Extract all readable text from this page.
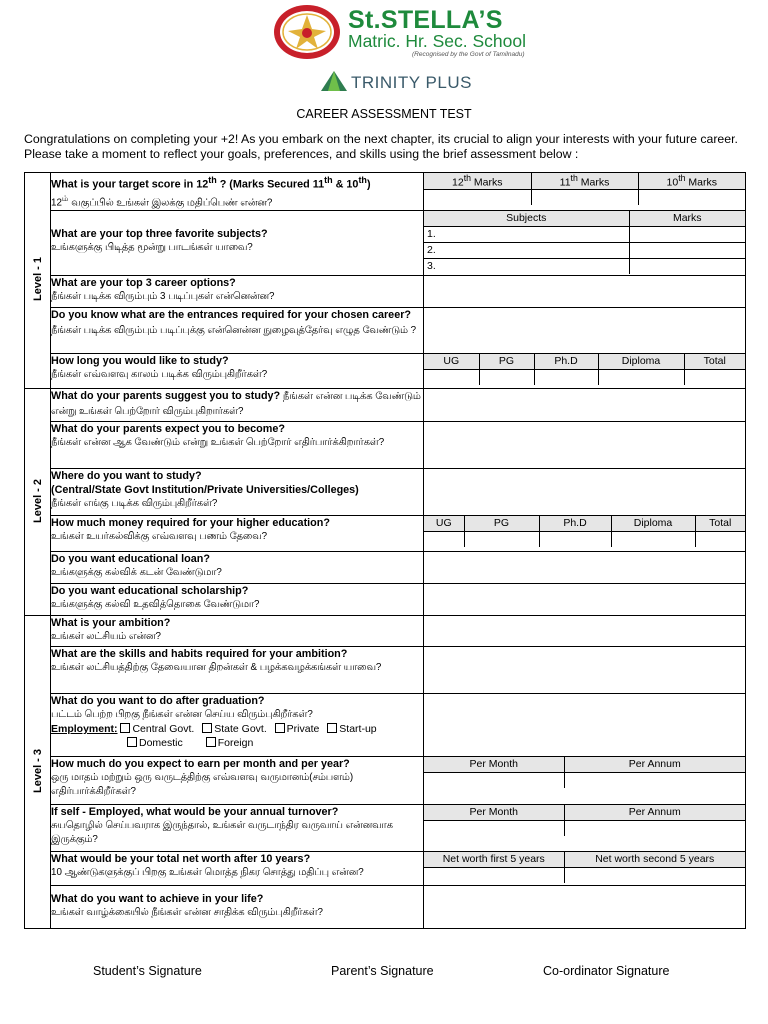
St.STELLA’S
Matric. Hr. Sec. School
(Recognised by the Govt of Tamilnadu)
TRINITY PLUS
CAREER ASSESSMENT TEST
Congratulations on completing your +2! As you embark on the next chapter, its crucial to align your interests with your future career. Please take a moment to reflect your goals, preferences, and skills using the brief assessment below :
Level - 1

What is your target score in 12th ? (Marks Secured 11th & 10th)
$12^{ம்}$ வகுப்பில் உங்கள் இலக்கு மதிப்பெண் என்ன?

12th Marks	11th Marks	10th Marks

What are your top three favorite subjects?
உங்களுக்கு பிடித்த மூன்று பாடங்கள் யாவை?

Subjects	Marks
1.	
2.	
3.	

What are your top 3 career options?
நீங்கள் படிக்க விரும்பும் 3 படிப்புகள் என்னென்ன?

Do you know what are the entrances required for your chosen career? நீங்கள் படிக்க விரும்பும் படிப்புக்கு என்னென்ன நுழைவுத்தேர்வு எழுத வேண்டும் ?

How long you would like to study?
நீங்கள் எவ்வளவு காலம் படிக்க விரும்புகிறீர்கள்?

UG	PG	Ph.D	Diploma	Total

Level - 2

What do your parents suggest you to study? நீங்கள் என்ன படிக்க வேண்டும் என்று உங்கள் பெற்றோர் விரும்புகிறார்கள்?

What do your parents expect you to become?
நீங்கள் என்ன ஆக வேண்டும் என்று உங்கள் பெற்றோர் எதிர்பார்க்கிறார்கள்?

Where do you want to study?
(Central/State Govt Institution/Private Universities/Colleges)
நீங்கள் எங்கு படிக்க விரும்புகிறீர்கள்?

How much money required for your higher education?
உங்கள் உயர்கல்விக்கு எவ்வளவு பணம் தேவை?

UG	PG	Ph.D	Diploma	Total

Do you want educational loan?
உங்களுக்கு கல்விக் கடன் வேண்டுமா?

Do you want educational scholarship?
உங்களுக்கு கல்வி உதவித்தொகை வேண்டுமா?

Level - 3

What is your ambition?
உங்கள் லட்சியம் என்ன?

What are the skills and habits required for your ambition?
உங்கள் லட்சியத்திற்கு தேவையான திறன்கள் & பழக்கவழக்கங்கள் யாவை?

What do you want to do after graduation?
பட்டம் பெற்ற பிறகு நீங்கள் என்ன செய்ய விரும்புகிறீர்கள்?
Employment: Central Govt. State Govt. Private Start-up
Domestic	Foreign

How much do you expect to earn per month and per year?
ஒரு மாதம் மற்றும் ஒரு வருடத்திற்கு எவ்வளவு வருமானம்(சம்பளம்) எதிர்பார்க்கிறீர்கள்?

Per Month	Per Annum

If self - Employed, what would be your annual turnover?
சுயதொழில் செய்பவராக இருந்தால், உங்கள் வருடாந்திர வருவாய் என்னவாக இருக்கும்?

Per Month	Per Annum

What would be your total net worth after 10 years?
10 ஆண்டுகளுக்குப் பிறகு உங்கள் மொத்த நிகர சொத்து மதிப்பு என்ன?

Net worth first 5 years	Net worth second 5 years

What do you want to achieve in your life?
உங்கள் வாழ்க்கையில் நீங்கள் என்ன சாதிக்க விரும்புகிறீர்கள்?

Student’s Signature	Parent’s Signature	Co-ordinator Signature
